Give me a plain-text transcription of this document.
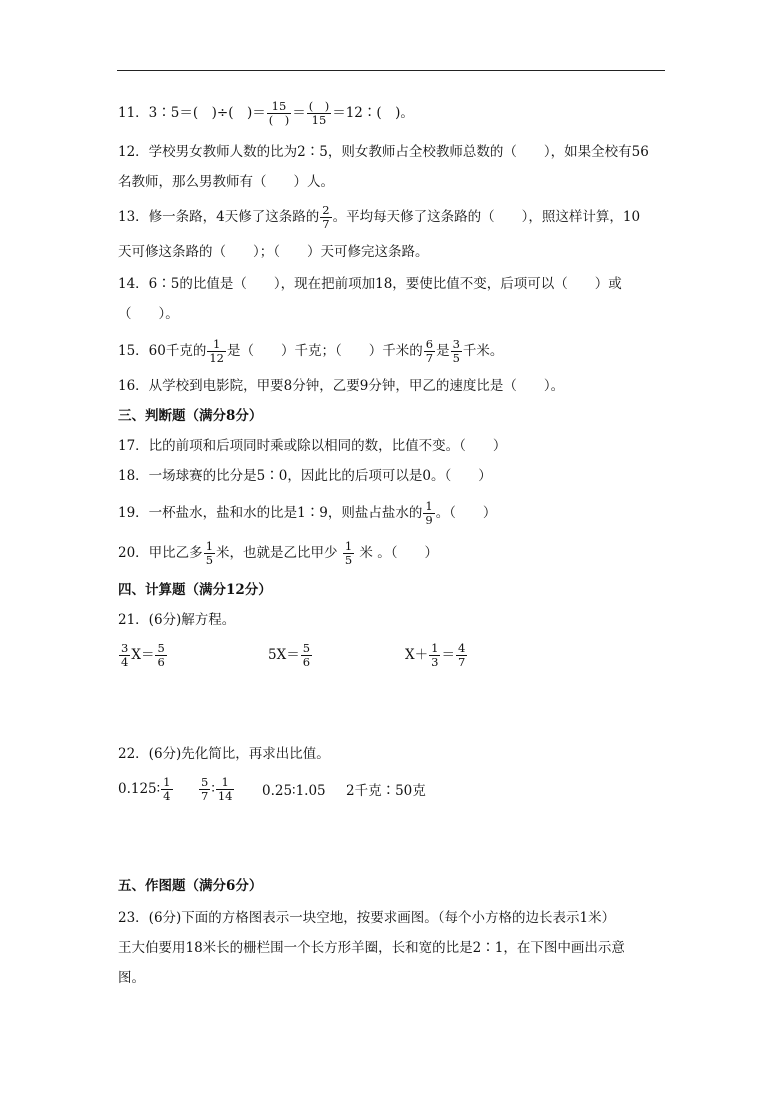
11．3∶5＝(　)÷(　)＝ $\frac{15}{( )} = \frac{( )}{15}$ ＝12∶(　)。
12．学校男女教师人数的比为2∶5，则女教师占全校教师总数的（　　），如果全校有56
名教师，那么男教师有（　　）人。
13．修一条路，4天修了这条路的 $\frac{2}{7}$ 。平均每天修了这条路的（　　），照这样计算，10
天可修这条路的（　　）；（　　）天可修完这条路。
14．6∶5的比值是（　　），现在把前项加18，要使比值不变，后项可以（　　）或
（　　）。
15．60千克的 $\frac{1}{12}$ 是（　　）千克；（　　）千米的 $\frac{6}{7}$ 是 $\frac{3}{5}$ 千米。
16．从学校到电影院，甲要8分钟，乙要9分钟，甲乙的速度比是（　　）。
三、判断题（满分8分）
17．比的前项和后项同时乘或除以相同的数，比值不变。（　　）
18．一场球赛的比分是5∶0，因此比的后项可以是0。（　　）
19．一杯盐水，盐和水的比是1∶9，则盐占盐水的 $\frac{1}{9}$ 。（　　）
20．甲比乙多 $\frac{1}{5}$ 米，也就是乙比甲少 $\frac{1}{5}$ 米 。（　　）
四、计算题（满分12分）
21．(6分)解方程。
$\frac{3}{4} X= \frac{5}{6}$	$5X= \frac{5}{6}$	$X+ \frac{1}{3} = \frac{4}{7}$
22．(6分)先化简比，再求出比值。
0.125∶ $\frac{1}{4} \frac{5}{7}$ ∶ $\frac{1}{14}$ 0.25∶1.05 2千克∶50克
五、作图题（满分6分）
23．(6分)下面的方格图表示一块空地，按要求画图。（每个小方格的边长表示1米）
王大伯要用18米长的栅栏围一个长方形羊圈，长和宽的比是2∶1，在下图中画出示意
图。
